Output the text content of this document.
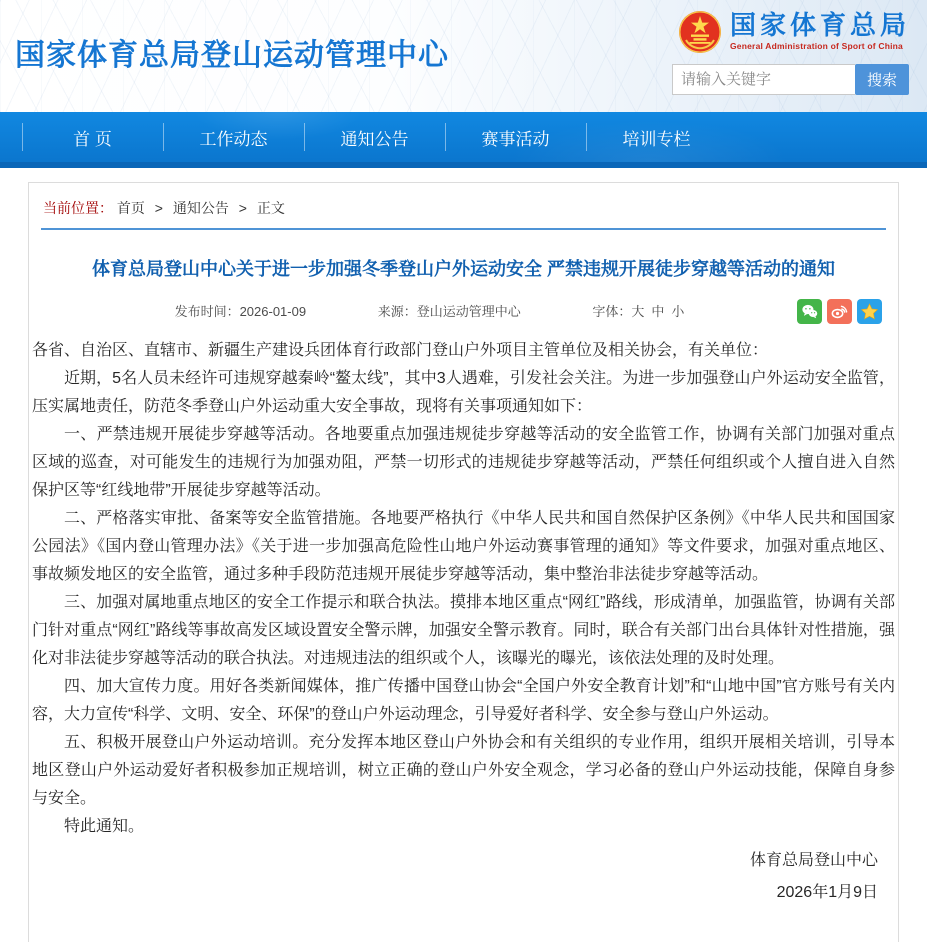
国家体育总局登山运动管理中心
国家体育总局
General Administration of Sport of China
请输入关键字
搜索
首 页	工作动态	通知公告	赛事活动	培训专栏
当前位置： 首页 > 通知公告 > 正文
体育总局登山中心关于进一步加强冬季登山户外运动安全 严禁违规开展徒步穿越等活动的通知
发布时间：2026-01-09	来源：登山运动管理中心	字体：大 中 小

各省、自治区、直辖市、新疆生产建设兵团体育行政部门登山户外项目主管单位及相关协会，有关单位：

近期，5名人员未经许可违规穿越秦岭“鳌太线”，其中3人遇难，引发社会关注。为进一步加强登山户外运动安全监管，压实属地责任，防范冬季登山户外运动重大安全事故，现将有关事项通知如下：

一、严禁违规开展徒步穿越等活动。各地要重点加强违规徒步穿越等活动的安全监管工作，协调有关部门加强对重点区域的巡查，对可能发生的违规行为加强劝阻，严禁一切形式的违规徒步穿越等活动，严禁任何组织或个人擅自进入自然保护区等“红线地带”开展徒步穿越等活动。

二、严格落实审批、备案等安全监管措施。各地要严格执行《中华人民共和国自然保护区条例》《中华人民共和国国家公园法》《国内登山管理办法》《关于进一步加强高危险性山地户外运动赛事管理的通知》等文件要求，加强对重点地区、事故频发地区的安全监管，通过多种手段防范违规开展徒步穿越等活动，集中整治非法徒步穿越等活动。

三、加强对属地重点地区的安全工作提示和联合执法。摸排本地区重点“网红”路线，形成清单，加强监管，协调有关部门针对重点“网红”路线等事故高发区域设置安全警示牌，加强安全警示教育。同时，联合有关部门出台具体针对性措施，强化对非法徒步穿越等活动的联合执法。对违规违法的组织或个人，该曝光的曝光，该依法处理的及时处理。

四、加大宣传力度。用好各类新闻媒体，推广传播中国登山协会“全国户外安全教育计划”和“山地中国”官方账号有关内容，大力宣传“科学、文明、安全、环保”的登山户外运动理念，引导爱好者科学、安全参与登山户外运动。

五、积极开展登山户外运动培训。充分发挥本地区登山户外协会和有关组织的专业作用，组织开展相关培训，引导本地区登山户外运动爱好者积极参加正规培训，树立正确的登山户外安全观念，学习必备的登山户外运动技能，保障自身参与安全。

特此通知。

体育总局登山中心

2026年1月9日
